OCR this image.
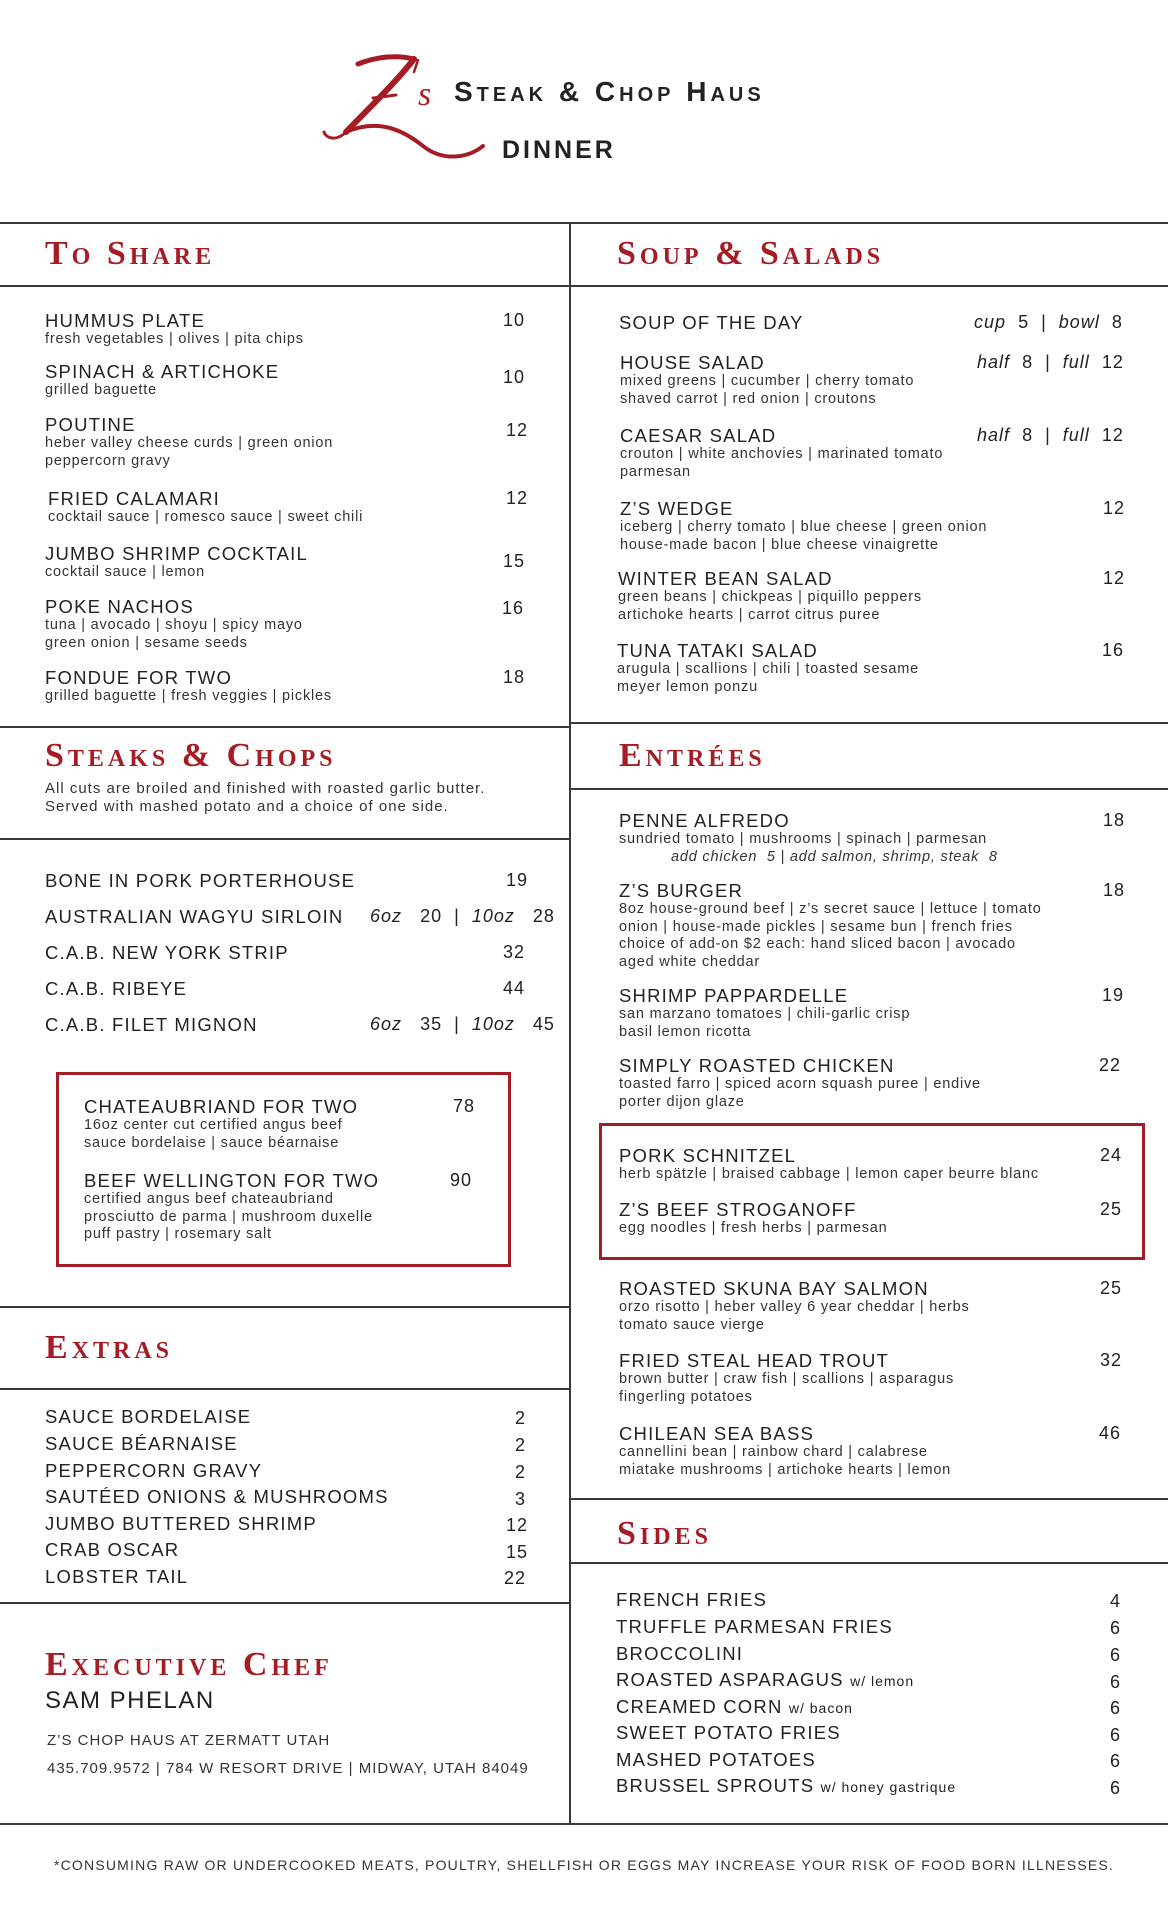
s Steak & Chop Haus
DINNER
To Share
HUMMUS PLATE
fresh vegetables | olives | pita chips
10
SPINACH & ARTICHOKE
grilled baguette
10
POUTINE
heber valley cheese curds | green onion
peppercorn gravy
12
FRIED CALAMARI
cocktail sauce | romesco sauce | sweet chili
12
JUMBO SHRIMP COCKTAIL
cocktail sauce | lemon
15
POKE NACHOS
tuna | avocado | shoyu | spicy mayo
green onion | sesame seeds
16
FONDUE FOR TWO
grilled baguette | fresh veggies | pickles
18
Soup & Salads
SOUP OF THE DAY	cup 5  |  bowl 8
HOUSE SALAD
mixed greens | cucumber | cherry tomato
shaved carrot | red onion | croutons
half 8  |  full 12
CAESAR SALAD
crouton | white anchovies | marinated tomato
parmesan
half 8  |  full 12
Z’S WEDGE
iceberg | cherry tomato | blue cheese | green onion
house-made bacon | blue cheese vinaigrette
12
WINTER BEAN SALAD
green beans | chickpeas | piquillo peppers
artichoke hearts | carrot citrus puree
12
TUNA TATAKI SALAD
arugula | scallions | chili | toasted sesame
meyer lemon ponzu
16
Steaks & Chops
All cuts are broiled and finished with roasted garlic butter.
Served with mashed potato and a choice of one side.
BONE IN PORK PORTERHOUSE	19
AUSTRALIAN WAGYU SIRLOIN 6oz 20  |  10oz 28
C.A.B. NEW YORK STRIP	32
C.A.B. RIBEYE	44
C.A.B. FILET MIGNON	6oz 35  |  10oz 45
CHATEAUBRIAND FOR TWO
16oz center cut certified angus beef
sauce bordelaise | sauce béarnaise
78
BEEF WELLINGTON FOR TWO
certified angus beef chateaubriand
prosciutto de parma | mushroom duxelle
puff pastry | rosemary salt
90
Entrées
PENNE ALFREDO
sundried tomato | mushrooms | spinach | parmesan
add chicken  5 | add salmon, shrimp, steak  8
18
Z’S BURGER
8oz house-ground beef | z’s secret sauce | lettuce | tomato
onion | house-made pickles | sesame bun | french fries
choice of add-on $2 each: hand sliced bacon | avocado
aged white cheddar
18
SHRIMP PAPPARDELLE
san marzano tomatoes | chili-garlic crisp
basil lemon ricotta
19
SIMPLY ROASTED CHICKEN
toasted farro | spiced acorn squash puree | endive
porter dijon glaze
22
PORK SCHNITZEL
herb spätzle | braised cabbage | lemon caper beurre blanc
24
Z’S BEEF STROGANOFF
egg noodles | fresh herbs | parmesan
25
ROASTED SKUNA BAY SALMON
orzo risotto | heber valley 6 year cheddar | herbs
tomato sauce vierge
25
FRIED STEAL HEAD TROUT
brown butter | craw fish | scallions | asparagus
fingerling potatoes
32
CHILEAN SEA BASS
cannellini bean | rainbow chard | calabrese
miatake mushrooms | artichoke hearts | lemon
46
Extras
SAUCE BORDELAISE	2
SAUCE BÉARNAISE	2
PEPPERCORN GRAVY	2
SAUTÉED ONIONS & MUSHROOMS	3
JUMBO BUTTERED SHRIMP	12
CRAB OSCAR	15
LOBSTER TAIL	22
Sides
FRENCH FRIES	4
TRUFFLE PARMESAN FRIES	6
BROCCOLINI	6
ROASTED ASPARAGUS w/ lemon	6
CREAMED CORN w/ bacon	6
SWEET POTATO FRIES	6
MASHED POTATOES	6
BRUSSEL SPROUTS w/ honey gastrique	6
Executive Chef
SAM PHELAN
Z’S CHOP HAUS AT ZERMATT UTAH
435.709.9572 | 784 W RESORT DRIVE | MIDWAY, UTAH 84049
*CONSUMING RAW OR UNDERCOOKED MEATS, POULTRY, SHELLFISH OR EGGS MAY INCREASE YOUR RISK OF FOOD BORN ILLNESSES.
